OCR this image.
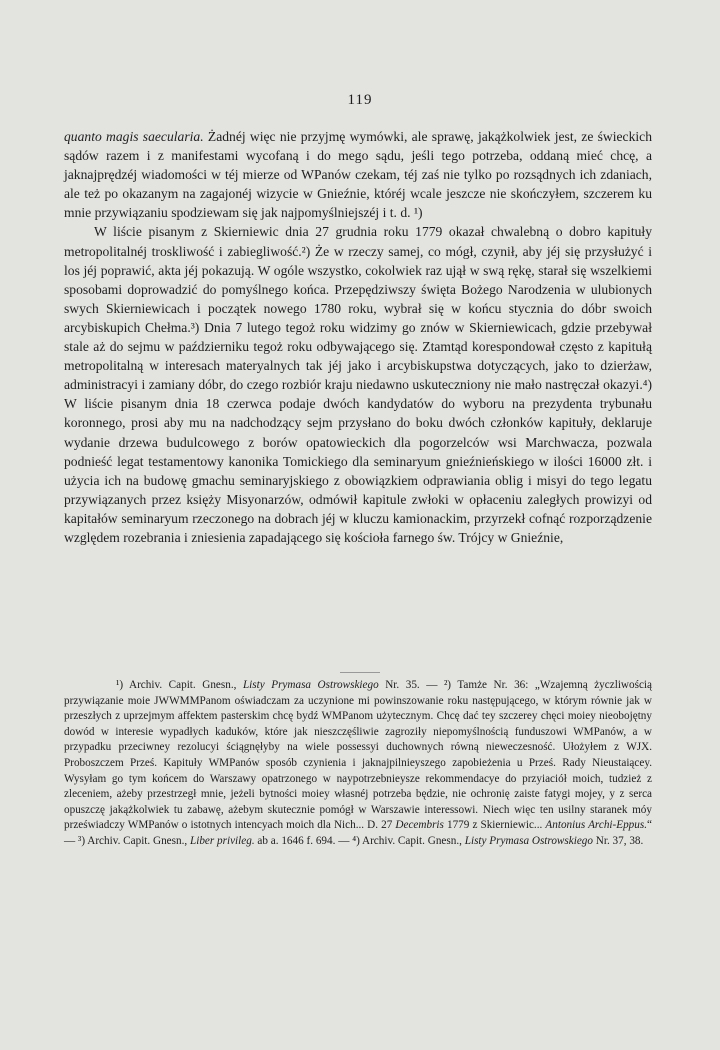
119

quanto magis saecularia. Żadnéj więc nie przyjmę wymówki, ale sprawę, jakążkolwiek jest, ze świeckich sądów razem i z manifestami wycofaną i do mego sądu, jeśli tego potrzeba, oddaną mieć chcę, a jaknajprędzéj wiadomości w téj mierze od WPanów czekam, téj zaś nie tylko po rozsądnych ich zdaniach, ale też po okazanym na zagajonéj wizycie w Gnieźnie, któréj wcale jeszcze nie skończyłem, szczerem ku mnie przywiązaniu spodziewam się jak najpomyślniejszéj i t. d. ¹)

W liście pisanym z Skierniewic dnia 27 grudnia roku 1779 okazał chwalebną o dobro kapituły metropolitalnéj troskliwość i zabiegliwość.²) Że w rzeczy samej, co mógł, czynił, aby jéj się przysłużyć i los jéj poprawić, akta jéj pokazują. W ogóle wszystko, cokolwiek raz ujął w swą rękę, starał się wszelkiemi sposobami doprowadzić do pomyślnego końca. Przepędziwszy święta Bożego Narodzenia w ulubionych swych Skierniewicach i początek nowego 1780 roku, wybrał się w końcu stycznia do dóbr swoich arcybiskupich Chełma.³) Dnia 7 lutego tegoż roku widzimy go znów w Skierniewicach, gdzie przebywał stale aż do sejmu w październiku tegoż roku odbywającego się. Ztamtąd korespondował często z kapitułą metropolitalną w interesach materyalnych tak jéj jako i arcybiskupstwa dotyczących, jako to dzierżaw, administracyi i zamiany dóbr, do czego rozbiór kraju niedawno uskuteczniony nie mało nastręczał okazyi.⁴) W liście pisanym dnia 18 czerwca podaje dwóch kandydatów do wyboru na prezydenta trybunału koronnego, prosi aby mu na nadchodzący sejm przysłano do boku dwóch członków kapituły, deklaruje wydanie drzewa budulcowego z borów opatowieckich dla pogorzelców wsi Marchwacza, pozwala podnieść legat testamentowy kanonika Tomickiego dla seminaryum gnieźnieńskiego w ilości 16000 złt. i użycia ich na budowę gmachu seminaryjskiego z obowiązkiem odprawiania oblig i misyi do tego legatu przywiązanych przez księży Misyonarzów, odmówił kapitule zwłoki w opłaceniu zaległych prowizyi od kapitałów seminaryum rzeczonego na dobrach jéj w kluczu kamionackim, przyrzekł cofnąć rozporządzenie względem rozebrania i zniesienia zapadającego się kościoła farnego św. Trójcy w Gnieźnie,

¹) Archiv. Capit. Gnesn., Listy Prymasa Ostrowskiego Nr. 35. — ²) Tamże Nr. 36: „Wzajemną życzliwością przywiązanie moie JWWMMPanom oświadczam za uczynione mi powinszowanie roku następującego, w którym równie jak w przeszłych z uprzejmym affektem pasterskim chcę bydź WMPanom użytecznym. Chcę dać tey szczerey chęci moiey nieobojętny dowód w interesie wypadłych kaduków, które jak nieszczęśliwie zagroziły niepomyślnością funduszowi WMPanów, a w przypadku przeciwney rezolucyi ściągnęłyby na wiele possessyi duchownych równą nieweczesność. Ułożyłem z WJX. Proboszczem Prześ. Kapituły WMPanów sposób czynienia i jaknajpilnieyszego zapobieżenia u Prześ. Rady Nieustaiącey. Wysyłam go tym końcem do Warszawy opatrzonego w naypotrzebnieysze rekommendacye do przyiaciół moich, tudzież z zleceniem, ażeby przestrzegł mnie, jeżeli bytności moiey własnéj potrzeba będzie, nie ochronię zaiste fatygi mojey, y z serca opuszczę jakążkolwiek tu zabawę, ażebym skutecznie pomógł w Warszawie interessowi. Niech więc ten usilny staranek móy przeświadczy WMPanów o istotnych intencyach moich dla Nich... D. 27 Decembris 1779 z Skierniewic... Antonius Archi-Eppus.“ — ³) Archiv. Capit. Gnesn., Liber privileg. ab a. 1646 f. 694. — ⁴) Archiv. Capit. Gnesn., Listy Prymasa Ostrowskiego Nr. 37, 38.
